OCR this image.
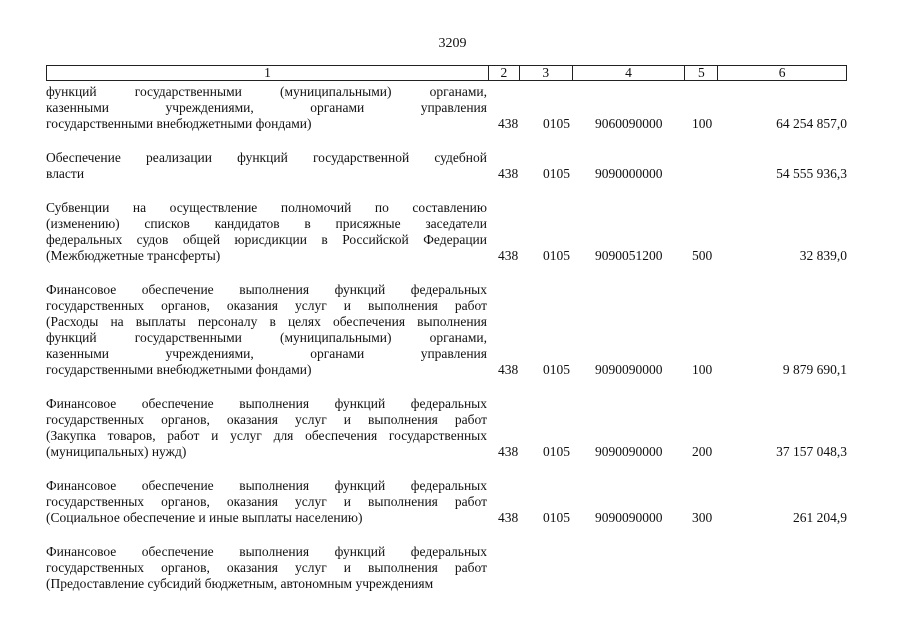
3209
1	2	3	4	5	6
функций государственными (муниципальными) органами,
казенными учреждениями, органами управления
государственными внебюджетными фондами)	438 0105 9060090000 100	64 254 857,0
Обеспечение реализации функций государственной судебной
власти	438 0105 9090000000	54 555 936,3
Субвенции на осуществление полномочий по составлению
(изменению) списков кандидатов в присяжные заседатели
федеральных судов общей юрисдикции в Российской Федерации
(Межбюджетные трансферты)	438 0105 9090051200 500	32 839,0
Финансовое обеспечение выполнения функций федеральных
государственных органов, оказания услуг и выполнения работ
(Расходы на выплаты персоналу в целях обеспечения выполнения
функций государственными (муниципальными) органами,
казенными учреждениями, органами управления
государственными внебюджетными фондами)	438 0105 9090090000 100	9 879 690,1
Финансовое обеспечение выполнения функций федеральных
государственных органов, оказания услуг и выполнения работ
(Закупка товаров, работ и услуг для обеспечения государственных
(муниципальных) нужд)	438 0105 9090090000 200	37 157 048,3
Финансовое обеспечение выполнения функций федеральных
государственных органов, оказания услуг и выполнения работ
(Социальное обеспечение и иные выплаты населению)	438 0105 9090090000 300	261 204,9
Финансовое обеспечение выполнения функций федеральных
государственных органов, оказания услуг и выполнения работ
(Предоставление субсидий бюджетным, автономным учреждениям
